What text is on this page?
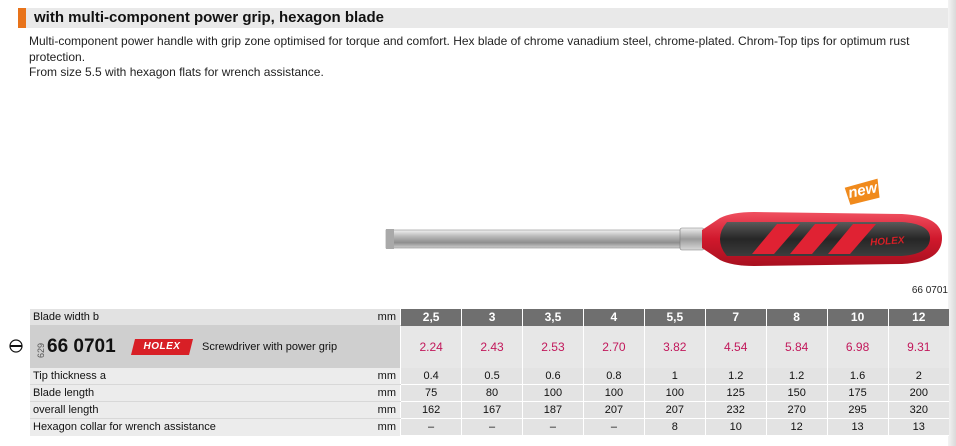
with multi-component power grip, hexagon blade

Multi-component power handle with grip zone optimised for torque and comfort. Hex blade of chrome vanadium steel, chrome-plated. Chrom-Top tips for optimum rust protection.

From size 5.5 with hexagon flats for wrench assistance.

HOLEX
new
66 0701
Blade width b	mm	2,5	3	3,5	4	5,5	7	8	10	12

629 66 0701 HOLEX Screwdriver with power grip		2.24	2.43	2.53	2.70	3.82	4.54	5.84	6.98	9.31
Tip thickness a	mm	0.4	0.5	0.6	0.8	1	1.2	1.2	1.6	2
Blade length	mm	75	80	100	100	100	125	150	175	200
overall length	mm	162	167	187	207	207	232	270	295	320
Hexagon collar for wrench assistance	mm	–	–	–	–	8	10	12	13	13
